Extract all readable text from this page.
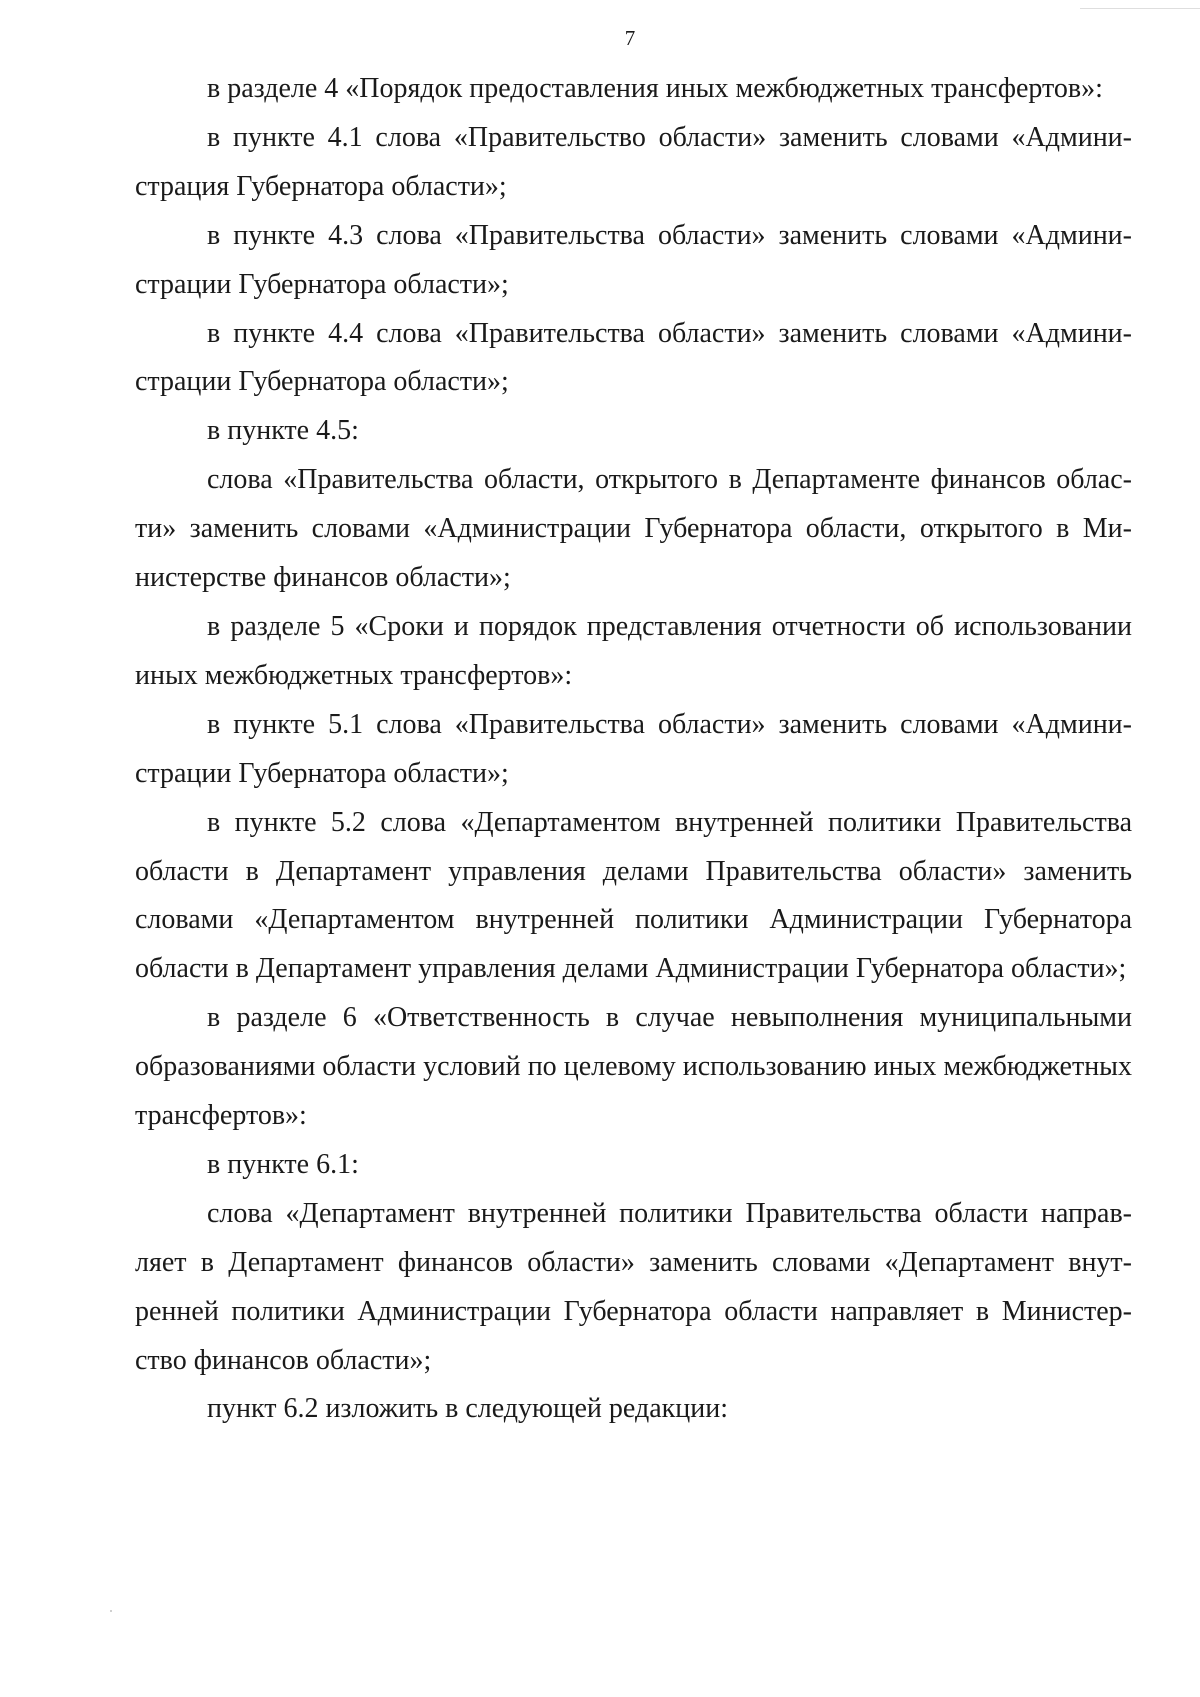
7

в разделе 4 «Порядок предоставления иных межбюджетных трансфертов»:

в пункте 4.1 слова «Правительство области» заменить словами «Администрация Губернатора области»;

в пункте 4.3 слова «Правительства области» заменить словами «Администрации Губернатора области»;

в пункте 4.4 слова «Правительства области» заменить словами «Администрации Губернатора области»;

в пункте 4.5:

слова «Правительства области, открытого в Департаменте финансов области» заменить словами «Администрации Губернатора области, открытого в Министерстве финансов области»;

в разделе 5 «Сроки и порядок представления отчетности об использовании иных межбюджетных трансфертов»:

в пункте 5.1 слова «Правительства области» заменить словами «Администрации Губернатора области»;

в пункте 5.2 слова «Департаментом внутренней политики Правительства области в Департамент управления делами Правительства области» заменить словами «Департаментом внутренней политики Администрации Губернатора области в Департамент управления делами Администрации Губернатора области»;

в разделе 6 «Ответственность в случае невыполнения муниципальными образованиями области условий по целевому использованию иных межбюджетных трансфертов»:

в пункте 6.1:

слова «Департамент внутренней политики Правительства области направляет в Департамент финансов области» заменить словами «Департамент внутренней политики Администрации Губернатора области направляет в Министерство финансов области»;

пункт 6.2 изложить в следующей редакции:
